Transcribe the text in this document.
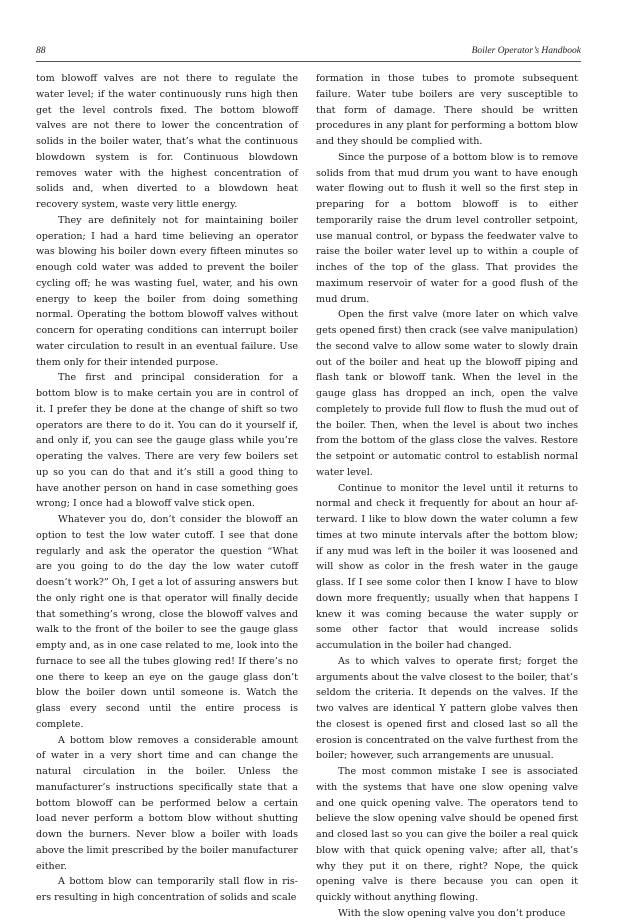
88	Boiler Operator’s Handbook

tom blowoff valves are not there to regulate the water level; if the water continuously runs high then get the level controls fixed. The bottom blowoff valves are not there to lower the concentration of solids in the boiler water, that’s what the continuous blowdown system is for. Continuous blowdown removes water with the highest concentration of solids and, when diverted to a blowdown heat recovery system, waste very little energy.

They are definitely not for maintaining boiler operation; I had a hard time believing an operator was blowing his boiler down every fifteen minutes so enough cold water was added to prevent the boiler cycling off; he was wasting fuel, water, and his own energy to keep the boiler from doing something normal. Operating the bottom blowoff valves without concern for operating conditions can interrupt boiler water circulation to result in an eventual failure. Use them only for their intended purpose.

The first and principal consideration for a bottom blow is to make certain you are in control of it. I prefer they be done at the change of shift so two operators are there to do it. You can do it yourself if, and only if, you can see the gauge glass while you’re operating the valves. There are very few boilers set up so you can do that and it’s still a good thing to have another person on hand in case something goes wrong; I once had a blowoff valve stick open.

Whatever you do, don’t consider the blowoff an option to test the low water cutoff. I see that done regularly and ask the operator the question “What are you going to do the day the low water cutoff doesn’t work?” Oh, I get a lot of assuring answers but the only right one is that operator will finally decide that something’s wrong, close the blowoff valves and walk to the front of the boiler to see the gauge glass empty and, as in one case related to me, look into the furnace to see all the tubes glowing red! If there’s no one there to keep an eye on the gauge glass don’t blow the boiler down until someone is. Watch the glass every second until the entire process is complete.

A bottom blow removes a considerable amount of water in a very short time and can change the natural circulation in the boiler. Unless the manufacturer’s instructions specifically state that a bottom blowoff can be performed below a certain load never perform a bottom blow without shutting down the burners. Never blow a boiler with loads above the limit prescribed by the boiler manufacturer either.

A bottom blow can temporarily stall flow in risers resulting in high concentration of solids and scale

formation in those tubes to promote subsequent failure. Water tube boilers are very susceptible to that form of damage. There should be written procedures in any plant for performing a bottom blow and they should be complied with.

Since the purpose of a bottom blow is to remove solids from that mud drum you want to have enough water flowing out to flush it well so the first step in preparing for a bottom blowoff is to either temporarily raise the drum level controller setpoint, use manual control, or bypass the feedwater valve to raise the boiler water level up to within a couple of inches of the top of the glass. That provides the maximum reservoir of water for a good flush of the mud drum.

Open the first valve (more later on which valve gets opened first) then crack (see valve manipulation) the second valve to allow some water to slowly drain out of the boiler and heat up the blowoff piping and flash tank or blowoff tank. When the level in the gauge glass has dropped an inch, open the valve completely to provide full flow to flush the mud out of the boiler. Then, when the level is about two inches from the bottom of the glass close the valves. Restore the setpoint or automatic control to establish normal water level.

Continue to monitor the level until it returns to normal and check it frequently for about an hour afterward. I like to blow down the water column a few times at two minute intervals after the bottom blow; if any mud was left in the boiler it was loosened and will show as color in the fresh water in the gauge glass. If I see some color then I know I have to blow down more frequently; usually when that happens I knew it was coming because the water supply or some other factor that would increase solids accumulation in the boiler had changed.

As to which valves to operate first; forget the arguments about the valve closest to the boiler, that’s seldom the criteria. It depends on the valves. If the two valves are identical Y pattern globe valves then the closest is opened first and closed last so all the erosion is concentrated on the valve furthest from the boiler; however, such arrangements are unusual.

The most common mistake I see is associated with the systems that have one slow opening valve and one quick opening valve. The operators tend to believe the slow opening valve should be opened first and closed last so you can give the boiler a real quick blow with that quick opening valve; after all, that’s why they put it on there, right? Nope, the quick opening valve is there because you can open it quickly without anything flowing.

With the slow opening valve you don’t produce
